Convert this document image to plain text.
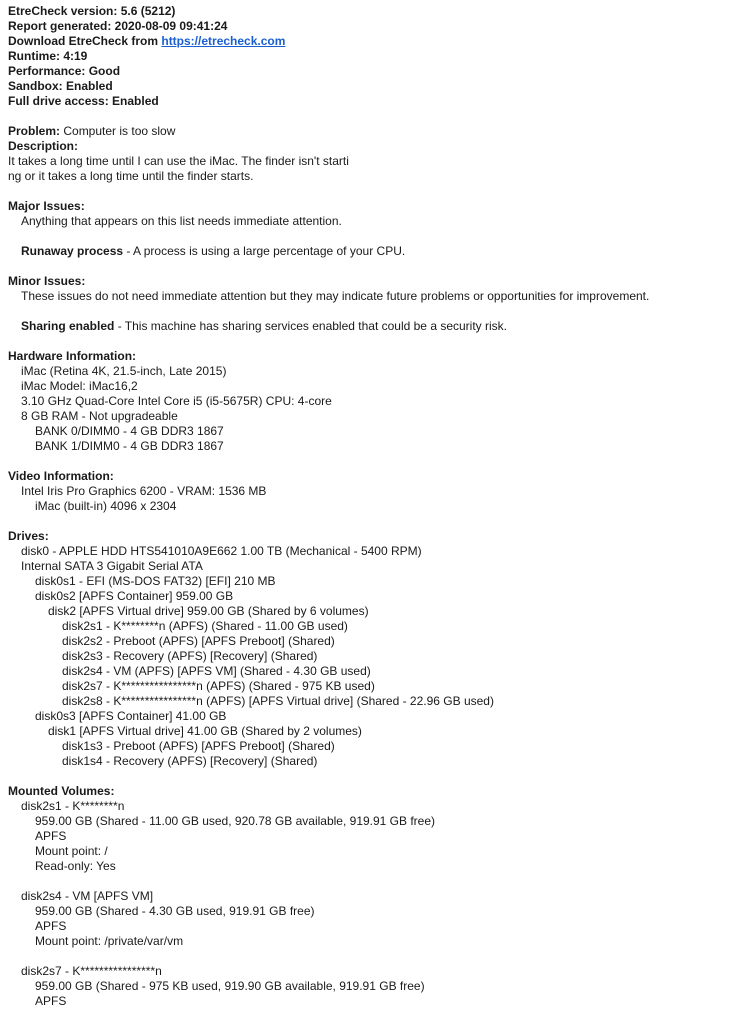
EtreCheck version: 5.6 (5212)
Report generated: 2020-08-09 09:41:24
Download EtreCheck from https://etrecheck.com
Runtime: 4:19
Performance: Good
Sandbox: Enabled
Full drive access: Enabled
Problem: Computer is too slow
Description:
It takes a long time until I can use the iMac. The finder isn't starti
ng or it takes a long time until the finder starts.
Major Issues:
Anything that appears on this list needs immediate attention.
Runaway process - A process is using a large percentage of your CPU.
Minor Issues:
These issues do not need immediate attention but they may indicate future problems or opportunities for improvement.
Sharing enabled - This machine has sharing services enabled that could be a security risk.
Hardware Information:
iMac (Retina 4K, 21.5-inch, Late 2015)
iMac Model: iMac16,2
3.10 GHz Quad-Core Intel Core i5 (i5-5675R) CPU: 4-core
8 GB RAM - Not upgradeable
BANK 0/DIMM0 - 4 GB DDR3 1867
BANK 1/DIMM0 - 4 GB DDR3 1867
Video Information:
Intel Iris Pro Graphics 6200 - VRAM: 1536 MB
iMac (built-in) 4096 x 2304
Drives:
disk0 - APPLE HDD HTS541010A9E662 1.00 TB (Mechanical - 5400 RPM)
Internal SATA 3 Gigabit Serial ATA
disk0s1 - EFI (MS-DOS FAT32) [EFI] 210 MB
disk0s2 [APFS Container] 959.00 GB
disk2 [APFS Virtual drive] 959.00 GB (Shared by 6 volumes)
disk2s1 - K********n (APFS) (Shared - 11.00 GB used)
disk2s2 - Preboot (APFS) [APFS Preboot] (Shared)
disk2s3 - Recovery (APFS) [Recovery] (Shared)
disk2s4 - VM (APFS) [APFS VM] (Shared - 4.30 GB used)
disk2s7 - K****************n (APFS) (Shared - 975 KB used)
disk2s8 - K****************n (APFS) [APFS Virtual drive] (Shared - 22.96 GB used)
disk0s3 [APFS Container] 41.00 GB
disk1 [APFS Virtual drive] 41.00 GB (Shared by 2 volumes)
disk1s3 - Preboot (APFS) [APFS Preboot] (Shared)
disk1s4 - Recovery (APFS) [Recovery] (Shared)
Mounted Volumes:
disk2s1 - K********n
959.00 GB (Shared - 11.00 GB used, 920.78 GB available, 919.91 GB free)
APFS
Mount point: /
Read-only: Yes
disk2s4 - VM [APFS VM]
959.00 GB (Shared - 4.30 GB used, 919.91 GB free)
APFS
Mount point: /private/var/vm
disk2s7 - K****************n
959.00 GB (Shared - 975 KB used, 919.90 GB available, 919.91 GB free)
APFS
